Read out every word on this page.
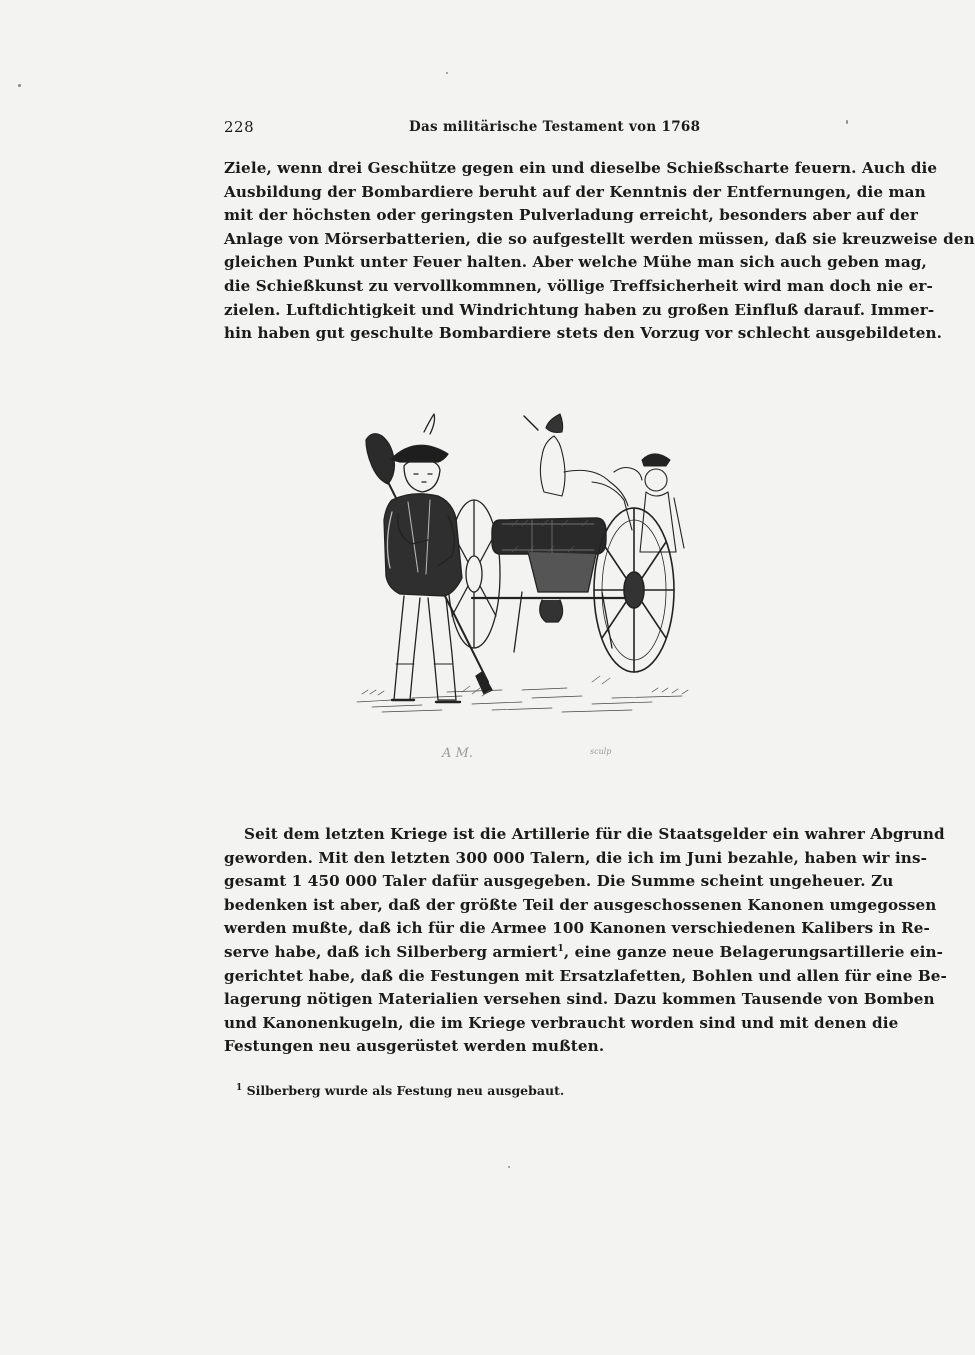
228	Das militärische Testament von 1768
Ziele, wenn drei Geschütze gegen ein und dieselbe Schießscharte feuern. Auch die
Ausbildung der Bombardiere beruht auf der Kenntnis der Entfernungen, die man
mit der höchsten oder geringsten Pulverladung erreicht, besonders aber auf der
Anlage von Mörserbatterien, die so aufgestellt werden müssen, daß sie kreuzweise den
gleichen Punkt unter Feuer halten. Aber welche Mühe man sich auch geben mag,
die Schießkunst zu vervollkommnen, völlige Treffsicherheit wird man doch nie er-
zielen. Luftdichtigkeit und Windrichtung haben zu großen Einfluß darauf. Immer-
hin haben gut geschulte Bombardiere stets den Vorzug vor schlecht ausgebildeten.
A M.	sculp
Seit dem letzten Kriege ist die Artillerie für die Staatsgelder ein wahrer Abgrund
geworden. Mit den letzten 300 000 Talern, die ich im Juni bezahle, haben wir ins-
gesamt 1 450 000 Taler dafür ausgegeben. Die Summe scheint ungeheuer. Zu
bedenken ist aber, daß der größte Teil der ausgeschossenen Kanonen umgegossen
werden mußte, daß ich für die Armee 100 Kanonen verschiedenen Kalibers in Re-
serve habe, daß ich Silberberg armiert$^1$, eine ganze neue Belagerungsartillerie ein-
gerichtet habe, daß die Festungen mit Ersatzlafetten, Bohlen und allen für eine Be-
lagerung nötigen Materialien versehen sind. Dazu kommen Tausende von Bomben
und Kanonenkugeln, die im Kriege verbraucht worden sind und mit denen die
Festungen neu ausgerüstet werden mußten.
$^1$ Silberberg wurde als Festung neu ausgebaut.
